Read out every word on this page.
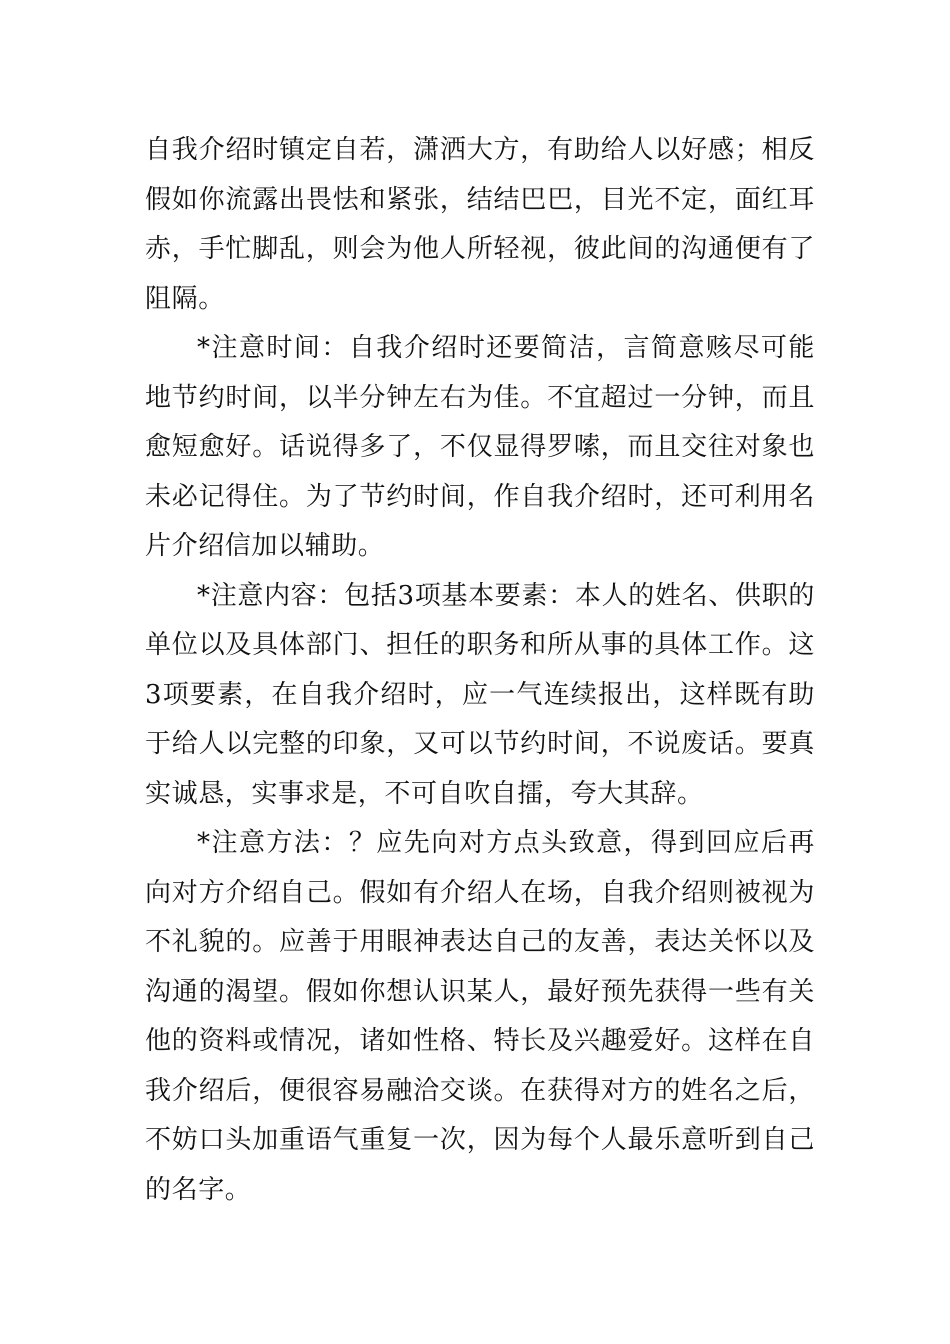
自我介绍时镇定自若，潇洒大方，有助给人以好感；相反假如你流露出畏怯和紧张，结结巴巴，目光不定，面红耳赤，手忙脚乱，则会为他人所轻视，彼此间的沟通便有了阻隔。

*注意时间：自我介绍时还要简洁，言简意赅尽可能地节约时间，以半分钟左右为佳。不宜超过一分钟，而且愈短愈好。话说得多了，不仅显得罗嗦，而且交往对象也未必记得住。为了节约时间，作自我介绍时，还可利用名片介绍信加以辅助。

*注意内容：包括3项基本要素：本人的姓名、供职的单位以及具体部门、担任的职务和所从事的具体工作。这3项要素，在自我介绍时，应一气连续报出，这样既有助于给人以完整的印象，又可以节约时间，不说废话。要真实诚恳，实事求是，不可自吹自擂，夸大其辞。

*注意方法：？应先向对方点头致意，得到回应后再向对方介绍自己。假如有介绍人在场，自我介绍则被视为不礼貌的。应善于用眼神表达自己的友善，表达关怀以及沟通的渴望。假如你想认识某人，最好预先获得一些有关他的资料或情况，诸如性格、特长及兴趣爱好。这样在自我介绍后，便很容易融洽交谈。在获得对方的姓名之后，不妨口头加重语气重复一次，因为每个人最乐意听到自己的名字。
